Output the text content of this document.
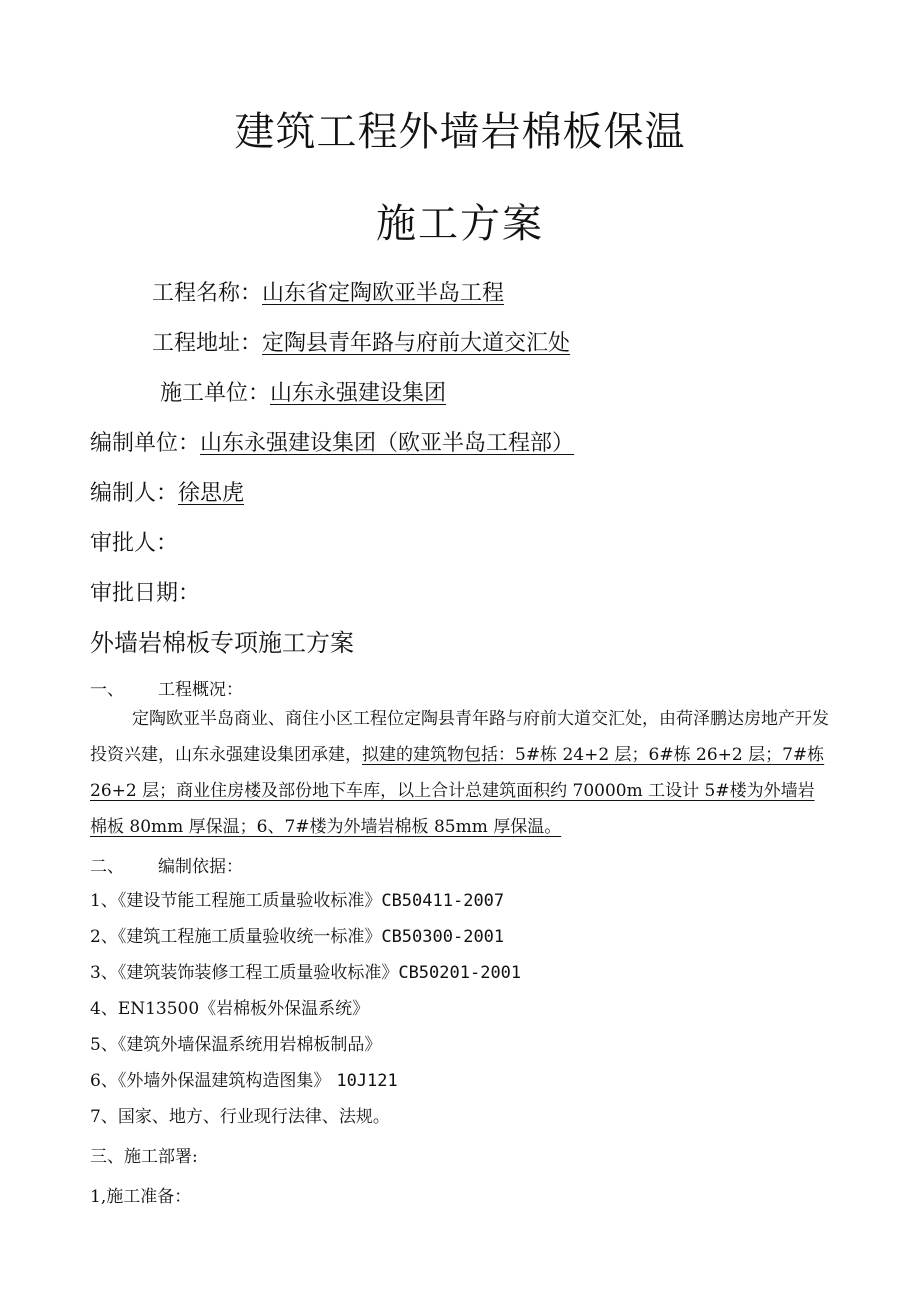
建筑工程外墙岩棉板保温
施工方案
工程名称：山东省定陶欧亚半岛工程
工程地址：定陶县青年路与府前大道交汇处
施工单位：山东永强建设集团
编制单位：山东永强建设集团（欧亚半岛工程部）
编制人：徐思虎
审批人：
审批日期：
外墙岩棉板专项施工方案
一、 工程概况：
定陶欧亚半岛商业、商住小区工程位定陶县青年路与府前大道交汇处，由荷泽鹏达房地产开发投资兴建，山东永强建设集团承建，拟建的建筑物包括：5#栋 24+2 层；6#栋 26+2 层；7#栋 26+2 层；商业住房楼及部份地下车库，以上合计总建筑面积约 70000m 工设计 5#楼为外墙岩棉板 80mm 厚保温；6、7#楼为外墙岩棉板 85mm 厚保温。
二、 编制依据：
1、《建设节能工程施工质量验收标准》CB50411-2007
2、《建筑工程施工质量验收统一标准》CB50300-2001
3、《建筑装饰装修工程工质量验收标准》CB50201-2001
4、EN13500《岩棉板外保温系统》
5、《建筑外墙保温系统用岩棉板制品》
6、《外墙外保温建筑构造图集》 10J121
7、国家、地方、行业现行法律、法规。
三、施工部署:
1,施工准备：
